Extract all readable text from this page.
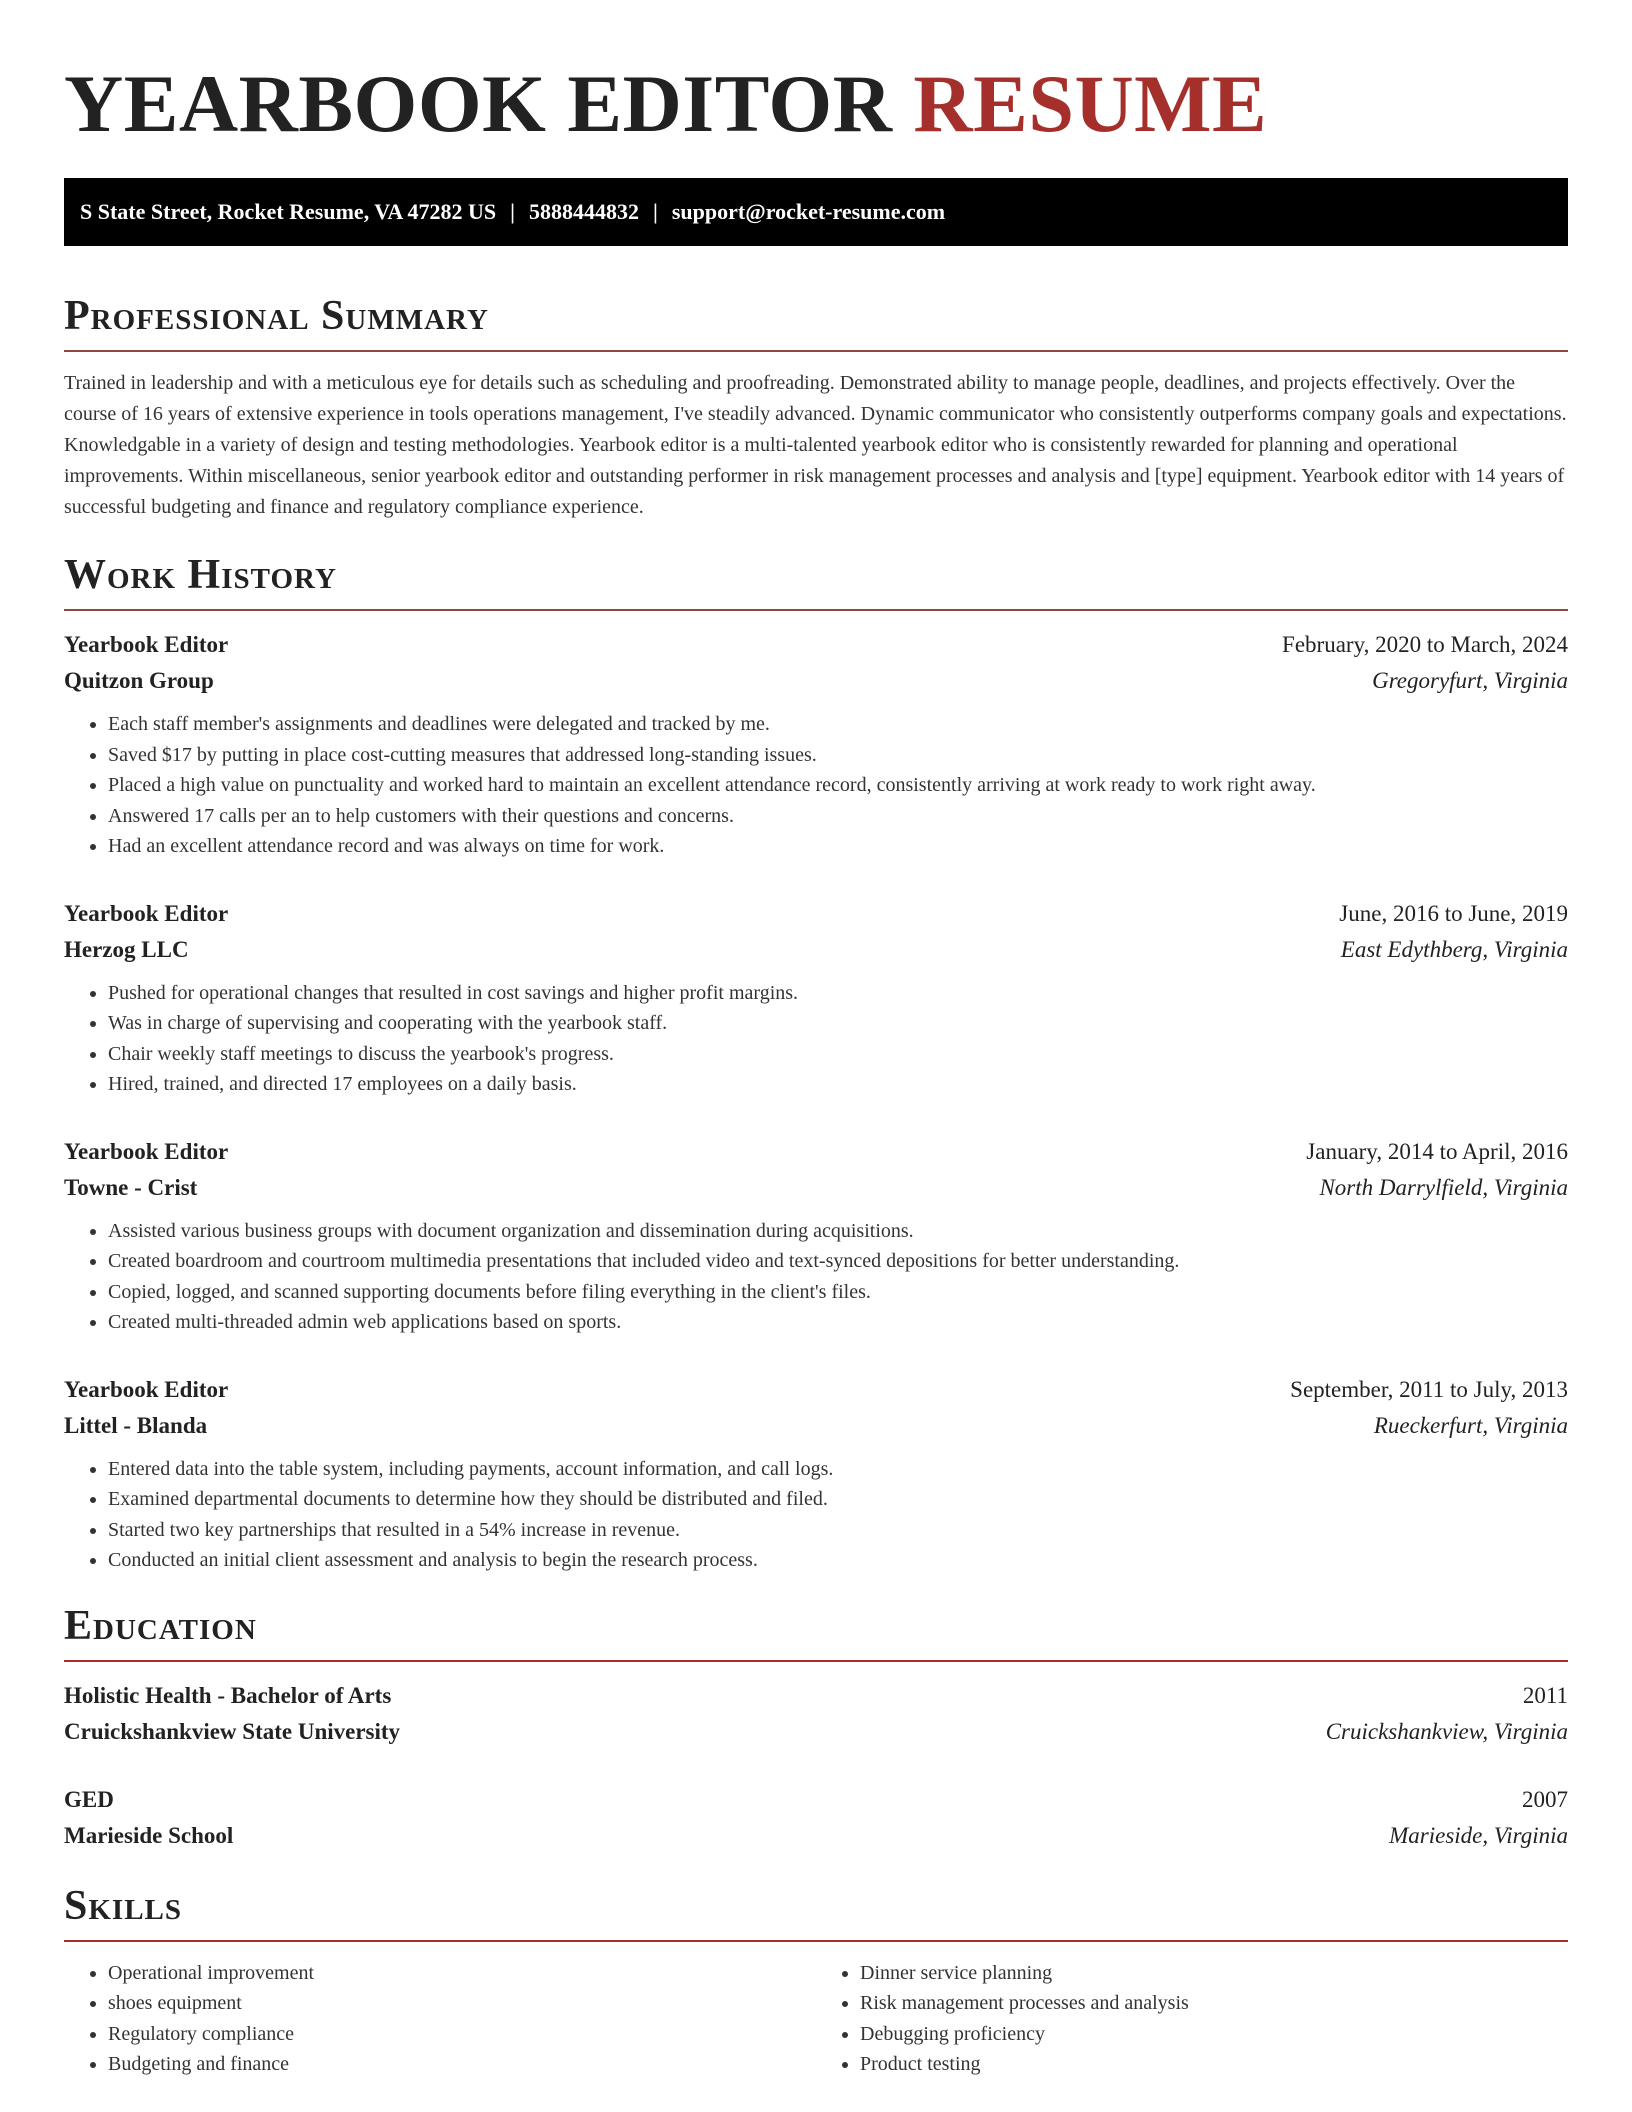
YEARBOOK EDITOR RESUME
S State Street, Rocket Resume, VA 47282 US | 5888444832 | support@rocket-resume.com
Professional Summary

Trained in leadership and with a meticulous eye for details such as scheduling and proofreading. Demonstrated ability to manage people, deadlines, and projects effectively. Over the course of 16 years of extensive experience in tools operations management, I've steadily advanced. Dynamic communicator who consistently outperforms company goals and expectations. Knowledgable in a variety of design and testing methodologies. Yearbook editor is a multi-talented yearbook editor who is consistently rewarded for planning and operational improvements. Within miscellaneous, senior yearbook editor and outstanding performer in risk management processes and analysis and [type] equipment. Yearbook editor with 14 years of successful budgeting and finance and regulatory compliance experience.

Work History
Yearbook Editor	February, 2020 to March, 2024
Quitzon Group	Gregoryfurt, Virginia
• Each staff member's assignments and deadlines were delegated and tracked by me.
• Saved $17 by putting in place cost-cutting measures that addressed long-standing issues.
• Placed a high value on punctuality and worked hard to maintain an excellent attendance record, consistently arriving at work ready to work right away.
• Answered 17 calls per an to help customers with their questions and concerns.
• Had an excellent attendance record and was always on time for work.
Yearbook Editor	June, 2016 to June, 2019
Herzog LLC	East Edythberg, Virginia
• Pushed for operational changes that resulted in cost savings and higher profit margins.
• Was in charge of supervising and cooperating with the yearbook staff.
• Chair weekly staff meetings to discuss the yearbook's progress.
• Hired, trained, and directed 17 employees on a daily basis.
Yearbook Editor	January, 2014 to April, 2016
Towne - Crist	North Darrylfield, Virginia
• Assisted various business groups with document organization and dissemination during acquisitions.
• Created boardroom and courtroom multimedia presentations that included video and text-synced depositions for better understanding.
• Copied, logged, and scanned supporting documents before filing everything in the client's files.
• Created multi-threaded admin web applications based on sports.
Yearbook Editor	September, 2011 to July, 2013
Littel - Blanda	Rueckerfurt, Virginia
• Entered data into the table system, including payments, account information, and call logs.
• Examined departmental documents to determine how they should be distributed and filed.
• Started two key partnerships that resulted in a 54% increase in revenue.
• Conducted an initial client assessment and analysis to begin the research process.
Education
Holistic Health - Bachelor of Arts	2011
Cruickshankview State University	Cruickshankview, Virginia
GED	2007
Marieside School	Marieside, Virginia
Skills
• Operational improvement
• shoes equipment
• Regulatory compliance
• Budgeting and finance
• Dinner service planning
• Risk management processes and analysis
• Debugging proficiency
• Product testing
